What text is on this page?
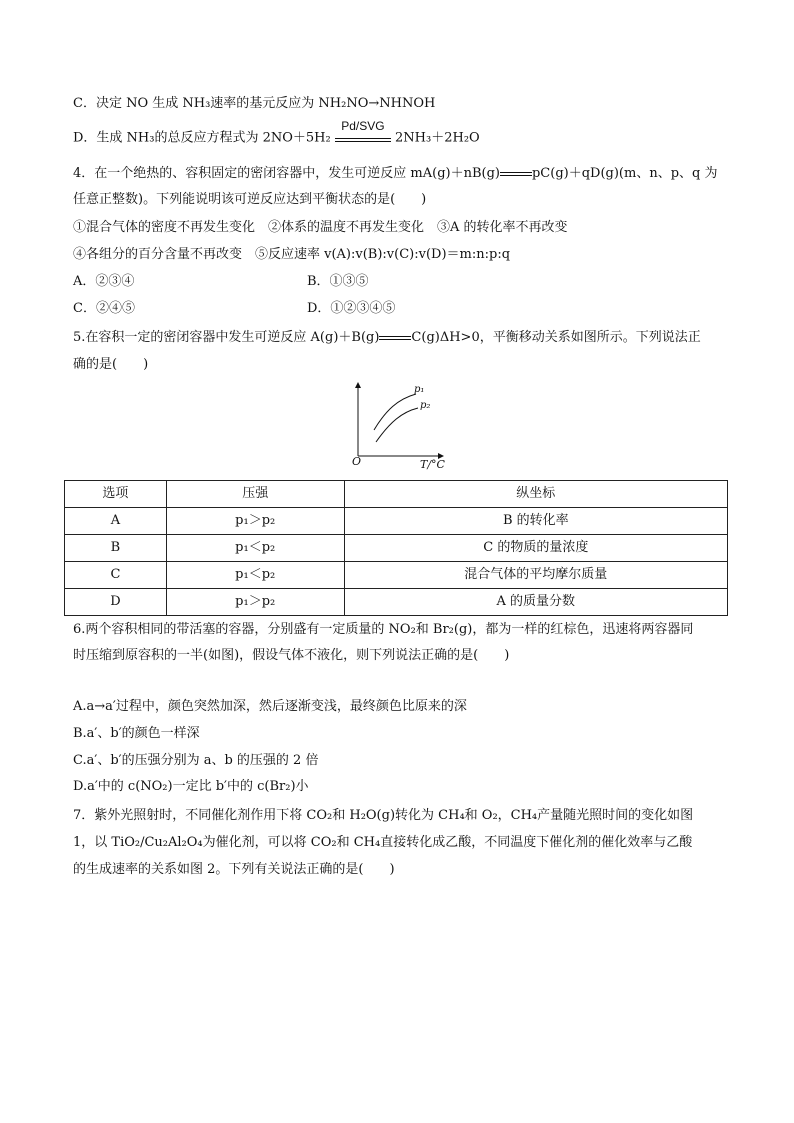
C．决定 NO 生成 NH₃速率的基元反应为 NH₂NO→NHNOH
D．生成 NH₃的总反应方程式为 2NO＋5H₂
Pd/SVG
2NH₃＋2H₂O
4．在一个绝热的、容积固定的密闭容器中，发生可逆反应 mA(g)＋nB(g) pC(g)＋qD(g)(m、n、p、q 为
任意正整数)。下列能说明该可逆反应达到平衡状态的是(　　)
①混合气体的密度不再发生变化　②体系的温度不再发生变化　③A 的转化率不再改变
④各组分的百分含量不再改变　⑤反应速率 v(A):v(B):v(C):v(D)＝m:n:p:q
A．②③④	B．①③⑤
C．②④⑤	D．①②③④⑤
5.在容积一定的密闭容器中发生可逆反应 A(g)＋B(g) C(g)ΔH>0，平衡移动关系如图所示。下列说法正
确的是(　　)
O	T/°C
p₁
p₂
选项	压强	纵坐标
A	p₁＞p₂	B 的转化率
B	p₁＜p₂	C 的物质的量浓度
C	p₁＜p₂	混合气体的平均摩尔质量
D	p₁＞p₂	A 的质量分数
6.两个容积相同的带活塞的容器，分别盛有一定质量的 NO₂和 Br₂(g)，都为一样的红棕色，迅速将两容器同
时压缩到原容积的一半(如图)，假设气体不液化，则下列说法正确的是(　　)
A.a→a′过程中，颜色突然加深，然后逐渐变浅，最终颜色比原来的深
B.a′、b′的颜色一样深
C.a′、b′的压强分别为 a、b 的压强的 2 倍
D.a′中的 c(NO₂)一定比 b′中的 c(Br₂)小
7．紫外光照射时，不同催化剂作用下将 CO₂和 H₂O(g)转化为 CH₄和 O₂，CH₄产量随光照时间的变化如图
1，以 TiO₂/Cu₂Al₂O₄为催化剂，可以将 CO₂和 CH₄直接转化成乙酸，不同温度下催化剂的催化效率与乙酸
的生成速率的关系如图 2。下列有关说法正确的是(　　)
